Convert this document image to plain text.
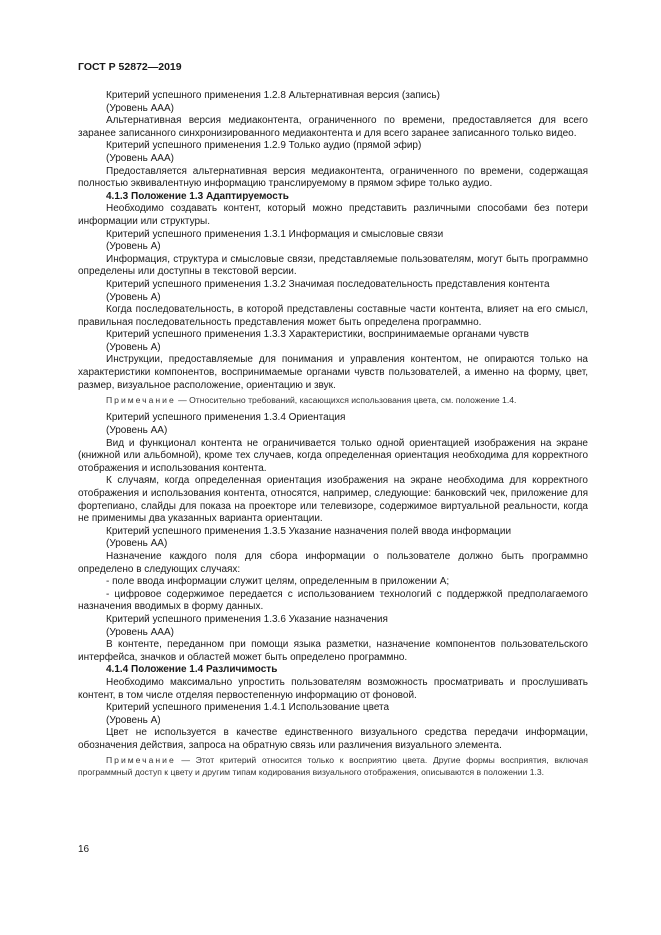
ГОСТ Р 52872—2019

Критерий успешного применения 1.2.8 Альтернативная версия (запись)

(Уровень ААА)

Альтернативная версия медиаконтента, ограниченного по времени, предоставляется для всего заранее записанного синхронизированного медиаконтента и для всего заранее записанного только видео.

Критерий успешного применения 1.2.9 Только аудио (прямой эфир)

(Уровень ААА)

Предоставляется альтернативная версия медиаконтента, ограниченного по времени, содержащая полностью эквивалентную информацию транслируемому в прямом эфире только аудио.

4.1.3 Положение 1.3 Адаптируемость

Необходимо создавать контент, который можно представить различными способами без потери информации или структуры.

Критерий успешного применения 1.3.1 Информация и смысловые связи

(Уровень А)

Информация, структура и смысловые связи, представляемые пользователям, могут быть программно определены или доступны в текстовой версии.

Критерий успешного применения 1.3.2 Значимая последовательность представления контента

(Уровень А)

Когда последовательность, в которой представлены составные части контента, влияет на его смысл, правильная последовательность представления может быть определена программно.

Критерий успешного применения 1.3.3 Характеристики, воспринимаемые органами чувств

(Уровень А)

Инструкции, предоставляемые для понимания и управления контентом, не опираются только на характеристики компонентов, воспринимаемые органами чувств пользователей, а именно на форму, цвет, размер, визуальное расположение, ориентацию и звук.

Примечание — Относительно требований, касающихся использования цвета, см. положение 1.4.

Критерий успешного применения 1.3.4 Ориентация

(Уровень АА)

Вид и функционал контента не ограничивается только одной ориентацией изображения на экране (книжной или альбомной), кроме тех случаев, когда определенная ориентация необходима для корректного отображения и использования контента.

К случаям, когда определенная ориентация изображения на экране необходима для корректного отображения и использования контента, относятся, например, следующие: банковский чек, приложение для фортепиано, слайды для показа на проекторе или телевизоре, содержимое виртуальной реальности, когда не применимы два указанных варианта ориентации.

Критерий успешного применения 1.3.5 Указание назначения полей ввода информации

(Уровень АА)

Назначение каждого поля для сбора информации о пользователе должно быть программно определено в следующих случаях:

- поле ввода информации служит целям, определенным в приложении А;

- цифровое содержимое передается с использованием технологий с поддержкой предполагаемого назначения вводимых в форму данных.

Критерий успешного применения 1.3.6 Указание назначения

(Уровень ААА)

В контенте, переданном при помощи языка разметки, назначение компонентов пользовательского интерфейса, значков и областей может быть определено программно.

4.1.4 Положение 1.4 Различимость

Необходимо максимально упростить пользователям возможность просматривать и прослушивать контент, в том числе отделяя первостепенную информацию от фоновой.

Критерий успешного применения 1.4.1 Использование цвета

(Уровень А)

Цвет не используется в качестве единственного визуального средства передачи информации, обозначения действия, запроса на обратную связь или различения визуального элемента.

Примечание — Этот критерий относится только к восприятию цвета. Другие формы восприятия, включая программный доступ к цвету и другим типам кодирования визуального отображения, описываются в положении 1.3.

16
